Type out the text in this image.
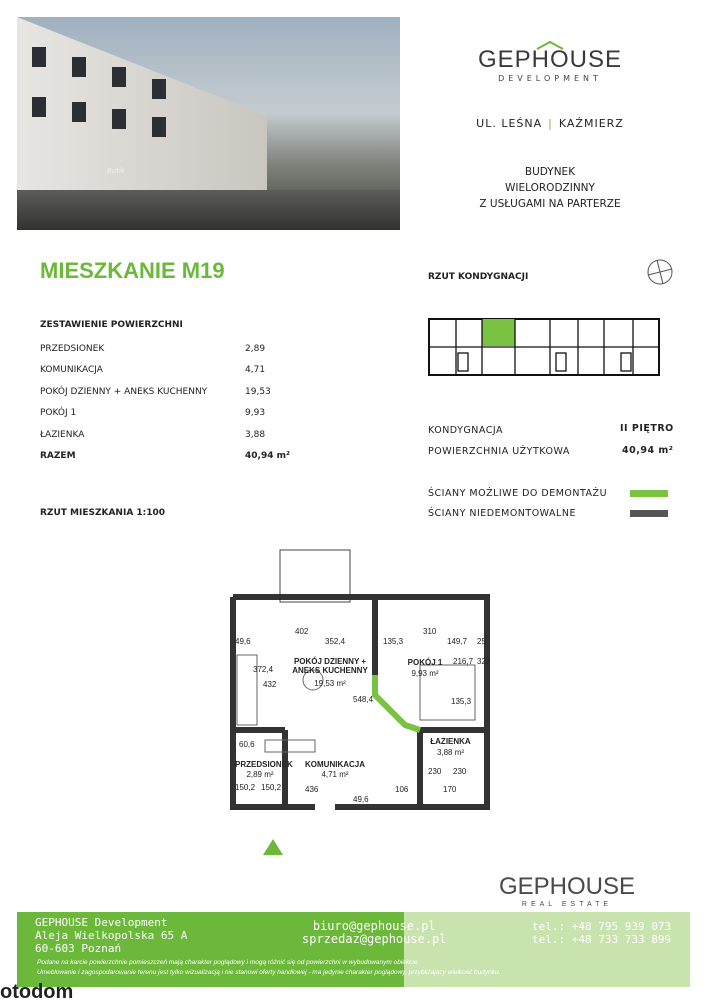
Butik
GEPHOUSE
DEVELOPMENT
UL. LEŚNA | KAŹMIERZ
BUDYNEK
WIELORODZINNY
Z USŁUGAMI NA PARTERZE
MIESZKANIE M19
ZESTAWIENIE POWIERZCHNI
PRZEDSIONEK	2,89
KOMUNIKACJA	4,71
POKÓJ DZIENNY + ANEKS KUCHENNY	19,53
POKÓJ 1	9,93
ŁAZIENKA	3,88
RAZEM	40,94 m²
RZUT KONDYGNACJI
KONDYGNACJA	II PIĘTRO
POWIERZCHNIA UŻYTKOWA	40,94 m²
ŚCIANY MOŻLIWE DO DEMONTAŻU
ŚCIANY NIEDEMONTOWALNE
RZUT MIESZKANIA 1:100
POKÓJ DZIENNY +
ANEKS KUCHENNY
19,53 m²
POKÓJ 1
9,93 m²
ŁAZIENKA
3,88 m²
PRZEDSIONEK
2,89 m²
KOMUNIKACJA
4,71 m²
402
352,4
49,6
372,4
432
548,4
135,3
310
149,7 25
216,7 327
135,3
60,6
150,2 150,2	436
49,6
106
230 230
170
GEPHOUSE Development
Aleja Wielkopolska 65 A
60-603 Poznań
biuro@gephouse.pl
sprzedaz@gephouse.pl
tel.: +48 795 939 073
tel.: +48 733 733 899
GEPHOUSE
REAL ESTATE
Podane na karcie powierzchnie pomieszczeń mają charakter poglądowy i mogą różnić się od powierzchni w wybudowanym obiekcie.
Umeblowanie i zagospodarowanie terenu jest tylko wizualizacją i nie stanowi oferty handlowej - ma jedynie charakter poglądowy, przybliżający wielkość budynku.
otodom
